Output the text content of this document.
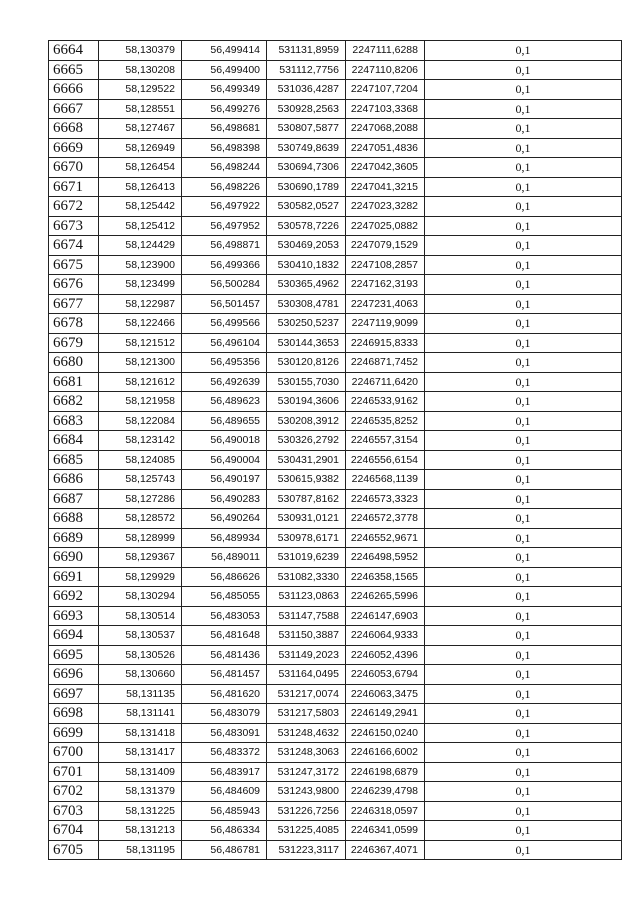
6664	58,130379	56,499414	531131,8959	2247111,6288	0,1
6665	58,130208	56,499400	531112,7756	2247110,8206	0,1
6666	58,129522	56,499349	531036,4287	2247107,7204	0,1
6667	58,128551	56,499276	530928,2563	2247103,3368	0,1
6668	58,127467	56,498681	530807,5877	2247068,2088	0,1
6669	58,126949	56,498398	530749,8639	2247051,4836	0,1
6670	58,126454	56,498244	530694,7306	2247042,3605	0,1
6671	58,126413	56,498226	530690,1789	2247041,3215	0,1
6672	58,125442	56,497922	530582,0527	2247023,3282	0,1
6673	58,125412	56,497952	530578,7226	2247025,0882	0,1
6674	58,124429	56,498871	530469,2053	2247079,1529	0,1
6675	58,123900	56,499366	530410,1832	2247108,2857	0,1
6676	58,123499	56,500284	530365,4962	2247162,3193	0,1
6677	58,122987	56,501457	530308,4781	2247231,4063	0,1
6678	58,122466	56,499566	530250,5237	2247119,9099	0,1
6679	58,121512	56,496104	530144,3653	2246915,8333	0,1
6680	58,121300	56,495356	530120,8126	2246871,7452	0,1
6681	58,121612	56,492639	530155,7030	2246711,6420	0,1
6682	58,121958	56,489623	530194,3606	2246533,9162	0,1
6683	58,122084	56,489655	530208,3912	2246535,8252	0,1
6684	58,123142	56,490018	530326,2792	2246557,3154	0,1
6685	58,124085	56,490004	530431,2901	2246556,6154	0,1
6686	58,125743	56,490197	530615,9382	2246568,1139	0,1
6687	58,127286	56,490283	530787,8162	2246573,3323	0,1
6688	58,128572	56,490264	530931,0121	2246572,3778	0,1
6689	58,128999	56,489934	530978,6171	2246552,9671	0,1
6690	58,129367	56,489011	531019,6239	2246498,5952	0,1
6691	58,129929	56,486626	531082,3330	2246358,1565	0,1
6692	58,130294	56,485055	531123,0863	2246265,5996	0,1
6693	58,130514	56,483053	531147,7588	2246147,6903	0,1
6694	58,130537	56,481648	531150,3887	2246064,9333	0,1
6695	58,130526	56,481436	531149,2023	2246052,4396	0,1
6696	58,130660	56,481457	531164,0495	2246053,6794	0,1
6697	58,131135	56,481620	531217,0074	2246063,3475	0,1
6698	58,131141	56,483079	531217,5803	2246149,2941	0,1
6699	58,131418	56,483091	531248,4632	2246150,0240	0,1
6700	58,131417	56,483372	531248,3063	2246166,6002	0,1
6701	58,131409	56,483917	531247,3172	2246198,6879	0,1
6702	58,131379	56,484609	531243,9800	2246239,4798	0,1
6703	58,131225	56,485943	531226,7256	2246318,0597	0,1
6704	58,131213	56,486334	531225,4085	2246341,0599	0,1
6705	58,131195	56,486781	531223,3117	2246367,4071	0,1
